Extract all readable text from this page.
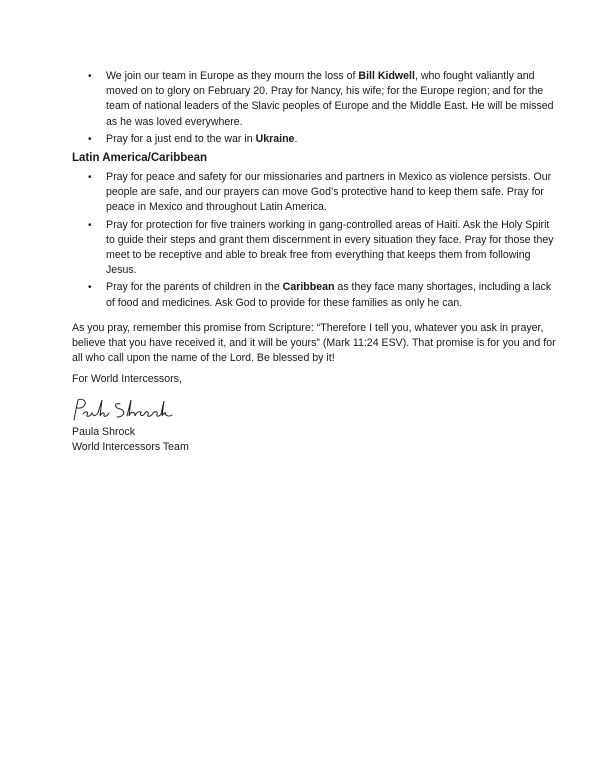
• We join our team in Europe as they mourn the loss of Bill Kidwell, who fought valiantly and moved on to glory on February 20. Pray for Nancy, his wife; for the Europe region; and for the team of national leaders of the Slavic peoples of Europe and the Middle East. He will be missed as he was loved everywhere.
• Pray for a just end to the war in Ukraine.
Latin America/Caribbean
• Pray for peace and safety for our missionaries and partners in Mexico as violence persists. Our people are safe, and our prayers can move God’s protective hand to keep them safe. Pray for peace in Mexico and throughout Latin America.
• Pray for protection for five trainers working in gang-controlled areas of Haiti. Ask the Holy Spirit to guide their steps and grant them discernment in every situation they face. Pray for those they meet to be receptive and able to break free from everything that keeps them from following Jesus.
• Pray for the parents of children in the Caribbean as they face many shortages, including a lack of food and medicines. Ask God to provide for these families as only he can.

As you pray, remember this promise from Scripture: “Therefore I tell you, whatever you ask in prayer, believe that you have received it, and it will be yours” (Mark 11:24 ESV). That promise is for you and for all who call upon the name of the Lord. Be blessed by it!

For World Intercessors,

Paula Shrock

World Intercessors Team
